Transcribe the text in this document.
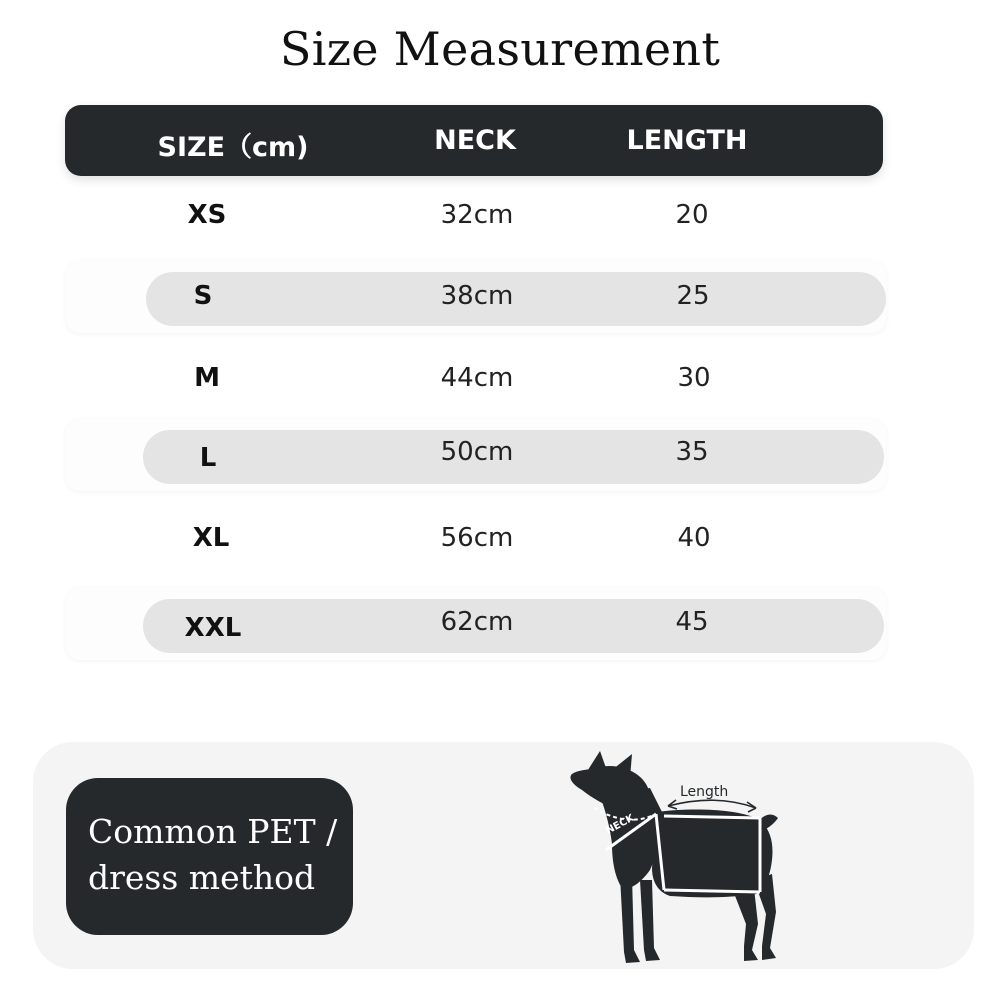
Size Measurement
SIZE（cm)	NECK	LENGTH
XS	32cm	20
S	38cm	25
M	44cm	30
L	50cm	35
XL	56cm	40
XXL	62cm	45
Common PET /
dress method
NECK
Length
